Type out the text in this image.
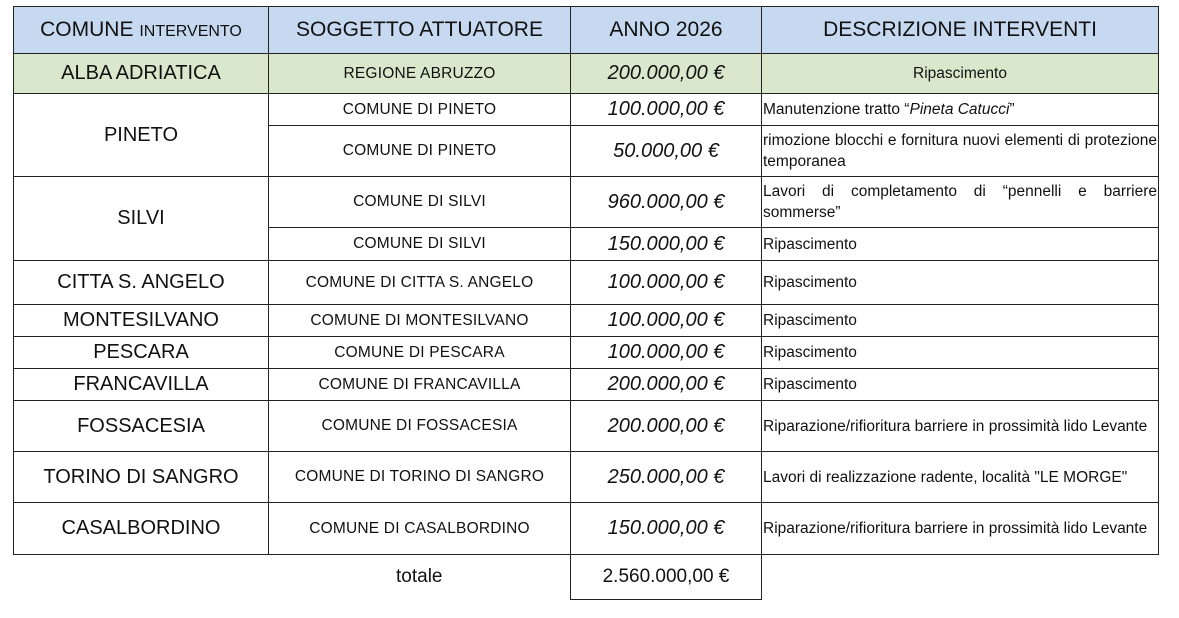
COMUNE INTERVENTO	SOGGETTO ATTUATORE	ANNO 2026	DESCRIZIONE INTERVENTI
ALBA ADRIATICA	REGIONE ABRUZZO	200.000,00 €	Ripascimento
PINETO	COMUNE DI PINETO	100.000,00 €	Manutenzione tratto “Pineta Catucci”
	COMUNE DI PINETO	50.000,00 €	rimozione blocchi e fornitura nuovi elementi di protezione temporanea
SILVI	COMUNE DI SILVI	960.000,00 €	Lavori di completamento di “pennelli e barriere sommerse”
	COMUNE DI SILVI	150.000,00 €	Ripascimento
CITTA S. ANGELO	COMUNE DI CITTA S. ANGELO	100.000,00 €	Ripascimento
MONTESILVANO	COMUNE DI MONTESILVANO	100.000,00 €	Ripascimento
PESCARA	COMUNE DI PESCARA	100.000,00 €	Ripascimento
FRANCAVILLA	COMUNE DI FRANCAVILLA	200.000,00 €	Ripascimento
FOSSACESIA	COMUNE DI FOSSACESIA	200.000,00 €	Riparazione/rifioritura barriere in prossimità lido Levante
TORINO DI SANGRO	COMUNE DI TORINO DI SANGRO	250.000,00 €	Lavori di realizzazione radente, località "LE MORGE"
CASALBORDINO	COMUNE DI CASALBORDINO	150.000,00 €	Riparazione/rifioritura barriere in prossimità lido Levante
	totale	2.560.000,00 €	
